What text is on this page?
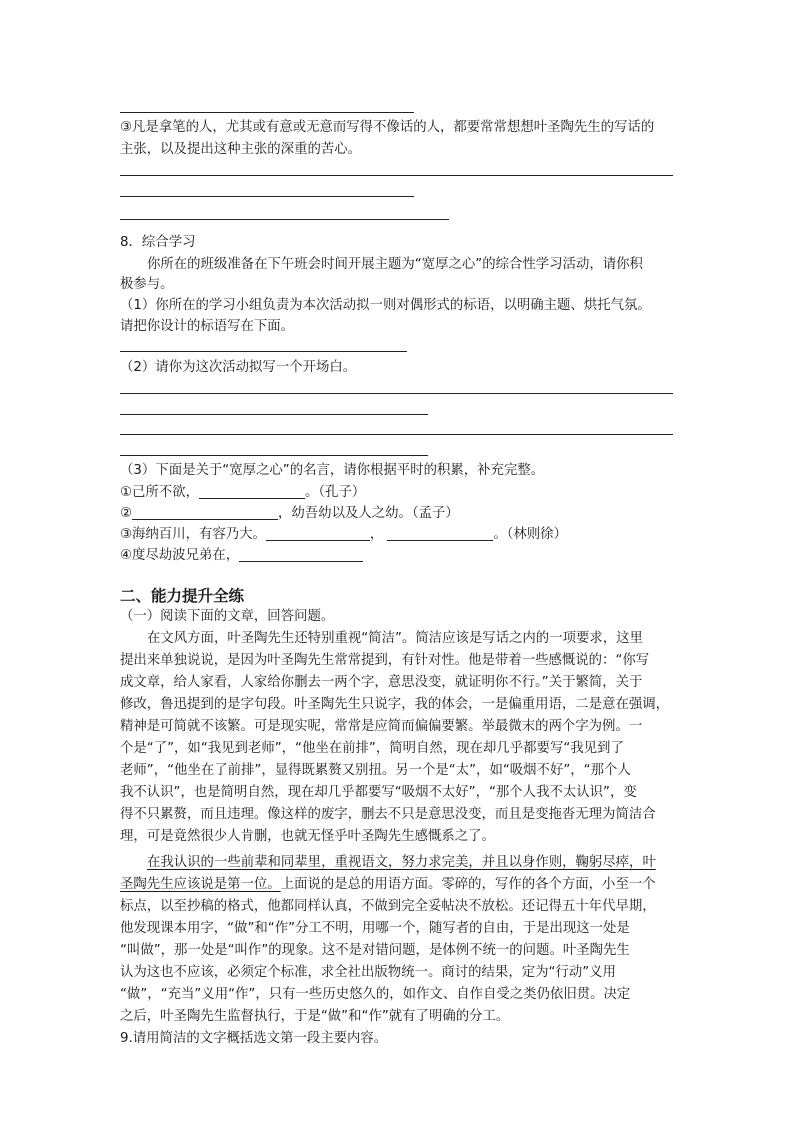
③凡是拿笔的人，尤其或有意或无意而写得不像话的人，都要常常想想叶圣陶先生的写话的
主张，以及提出这种主张的深重的苦心。
8．综合学习
你所在的班级准备在下午班会时间开展主题为“宽厚之心”的综合性学习活动，请你积
极参与。
（1）你所在的学习小组负责为本次活动拟一则对偶形式的标语，以明确主题、烘托气氛。
请把你设计的标语写在下面。
（2）请你为这次活动拟写一个开场白。
（3）下面是关于“宽厚之心”的名言，请你根据平时的积累，补充完整。
①己所不欲，	。（孔子）
②	，幼吾幼以及人之幼。（孟子）
③海纳百川，有容乃大。	，	。（林则徐）
④度尽劫波兄弟在，
二、能力提升全练
（一）阅读下面的文章，回答问题。
在文风方面，叶圣陶先生还特别重视“简洁”。简洁应该是写话之内的一项要求，这里
提出来单独说说，是因为叶圣陶先生常常提到，有针对性。他是带着一些感慨说的：“你写
成文章，给人家看，人家给你删去一两个字，意思没变，就证明你不行。”关于繁简，关于
修改，鲁迅提到的是字句段。叶圣陶先生只说字，我的体会，一是偏重用语，二是意在强调，
精神是可简就不该繁。可是现实呢，常常是应简而偏偏要繁。举最微末的两个字为例。一
个是“了”，如“我见到老师”，“他坐在前排”，简明自然，现在却几乎都要写“我见到了
老师”，“他坐在了前排”，显得既累赘又别扭。另一个是“太”，如“吸烟不好”，“那个人
我不认识”，也是简明自然，现在却几乎都要写“吸烟不太好”，“那个人我不太认识”，变
得不只累赘，而且违理。像这样的废字，删去不只是意思没变，而且是变拖沓无理为简洁合
理，可是竟然很少人肯删，也就无怪乎叶圣陶先生感慨系之了。
在我认识的一些前辈和同辈里，重视语文，努力求完美，并且以身作则，鞠躬尽瘁，叶
圣陶先生应该说是第一位。上面说的是总的用语方面。零碎的，写作的各个方面，小至一个
标点，以至抄稿的格式，他都同样认真，不做到完全妥帖决不放松。还记得五十年代早期，
他发现课本用字，“做”和“作”分工不明，用哪一个，随写者的自由，于是出现这一处是
“叫做”，那一处是“叫作”的现象。这不是对错问题，是体例不统一的问题。叶圣陶先生
认为这也不应该，必须定个标准，求全社出版物统一。商讨的结果，定为“行动”义用
“做”，“充当”义用“作”，只有一些历史悠久的，如作文、自作自受之类仍依旧贯。决定
之后，叶圣陶先生监督执行，于是“做”和“作”就有了明确的分工。
9.请用简洁的文字概括选文第一段主要内容。
